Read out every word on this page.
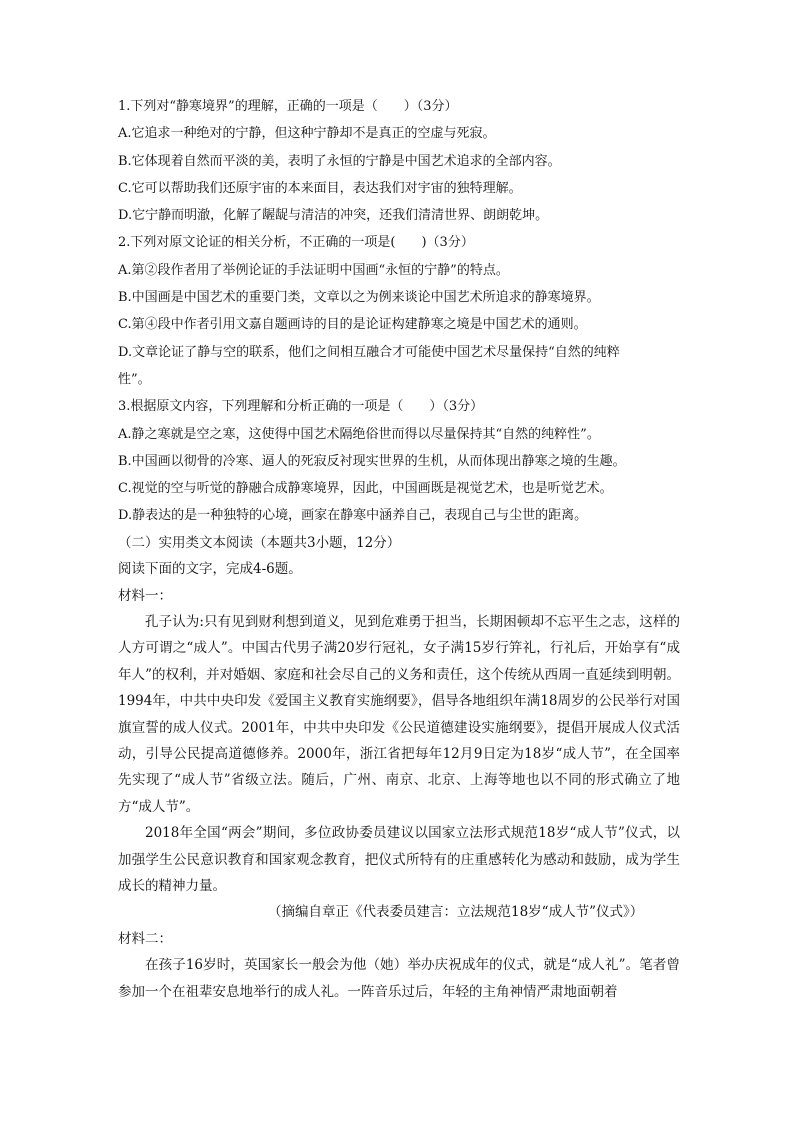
1.下列对“静寒境界”的理解，正确的一项是（　　）（3分）
A.它追求一种绝对的宁静，但这种宁静却不是真正的空虚与死寂。
B.它体现着自然而平淡的美，表明了永恒的宁静是中国艺术追求的全部内容。
C.它可以帮助我们还原宇宙的本来面目，表达我们对宇宙的独特理解。
D.它宁静而明澈，化解了龌龊与清洁的冲突，还我们清清世界、朗朗乾坤。
2.下列对原文论证的相关分析，不正确的一项是(　　)（3分）
A.第②段作者用了举例论证的手法证明中国画“永恒的宁静”的特点。
B.中国画是中国艺术的重要门类，文章以之为例来谈论中国艺术所追求的静寒境界。
C.第④段中作者引用文嘉自题画诗的目的是论证构建静寒之境是中国艺术的通则。
D.文章论证了静与空的联系，他们之间相互融合才可能使中国艺术尽量保持“自然的纯粹
性”。
3.根据原文内容，下列理解和分析正确的一项是（　　）（3分）
A.静之寒就是空之寒，这使得中国艺术隔绝俗世而得以尽量保持其“自然的纯粹性”。
B.中国画以彻骨的冷寒、逼人的死寂反衬现实世界的生机，从而体现出静寒之境的生趣。
C.视觉的空与听觉的静融合成静寒境界，因此，中国画既是视觉艺术，也是听觉艺术。
D.静表达的是一种独特的心境，画家在静寒中涵养自己，表现自己与尘世的距离。
（二）实用类文本阅读（本题共3小题，12分）
阅读下面的文字，完成4-6题。
材料一：
孔子认为:只有见到财利想到道义，见到危难勇于担当，长期困顿却不忘平生之志，这样的人方可谓之“成人”。中国古代男子满20岁行冠礼，女子满15岁行笄礼，行礼后，开始享有“成年人”的权利，并对婚姻、家庭和社会尽自己的义务和责任，这个传统从西周一直延续到明朝。1994年，中共中央印发《爱国主义教育实施纲要》，倡导各地组织年满18周岁的公民举行对国旗宣誓的成人仪式。2001年，中共中央印发《公民道德建设实施纲要》，提倡开展成人仪式活动，引导公民提高道德修养。2000年，浙江省把每年12月9日定为18岁“成人节”，在全国率先实现了“成人节”省级立法。随后，广州、南京、北京、上海等地也以不同的形式确立了地方“成人节”。
2018年全国“两会”期间，多位政协委员建议以国家立法形式规范18岁“成人节”仪式，以加强学生公民意识教育和国家观念教育，把仪式所特有的庄重感转化为感动和鼓励，成为学生成长的精神力量。
（摘编自章正《代表委员建言：立法规范18岁“成人节”仪式》）
材料二：
在孩子16岁时，英国家长一般会为他（她）举办庆祝成年的仪式，就是“成人礼”。笔者曾参加一个在祖辈安息地举行的成人礼。一阵音乐过后，年轻的主角神情严肃地面朝着
